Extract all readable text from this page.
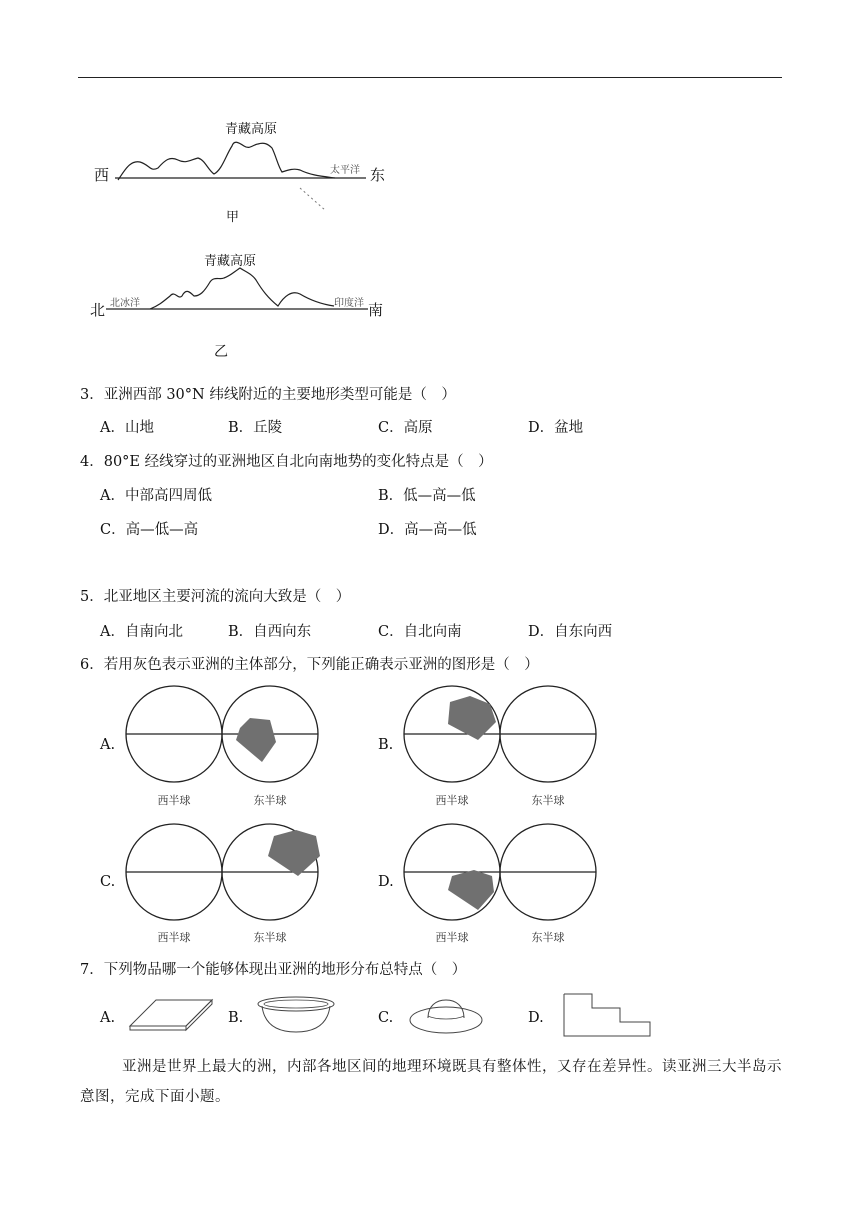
青藏高原
西	东
太平洋
甲
青藏高原
北	南
北冰洋	印度洋
乙
3．亚洲西部 30°N 纬线附近的主要地形类型可能是（　）
A．山地	B．丘陵	C．高原	D．盆地
4．80°E 经线穿过的亚洲地区自北向南地势的变化特点是（　）
A．中部高四周低	B．低—高—低
C．高—低—高	D．高—高—低
5．北亚地区主要河流的流向大致是（　）
A．自南向北	B．自西向东	C．自北向南	D．自东向西
6．若用灰色表示亚洲的主体部分，下列能正确表示亚洲的图形是（　）
A.
西半球	东半球
B.
西半球	东半球
C.
西半球	东半球
D.
西半球	东半球
7．下列物品哪一个能够体现出亚洲的地形分布总特点（　）
A.	B.	C.	D.
亚洲是世界上最大的洲，内部各地区间的地理环境既具有整体性，又存在差异性。读亚洲三大半岛示意图，完成下面小题。
